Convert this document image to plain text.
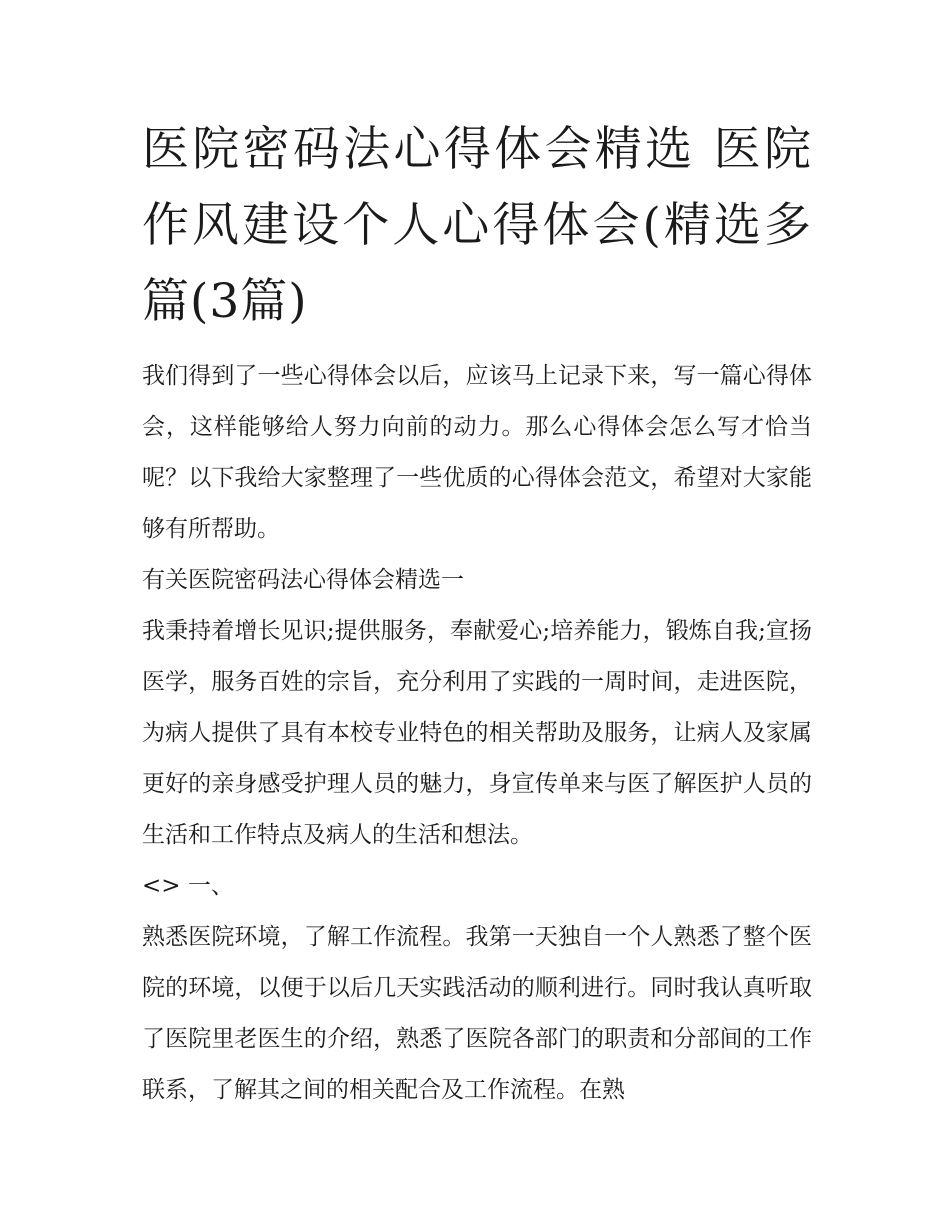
医院密码法心得体会精选 医院作风建设个人心得体会(精选多篇(3篇)

我们得到了一些心得体会以后，应该马上记录下来，写一篇心得体会，这样能够给人努力向前的动力。那么心得体会怎么写才恰当呢？以下我给大家整理了一些优质的心得体会范文，希望对大家能够有所帮助。

有关医院密码法心得体会精选一

我秉持着增长见识;提供服务，奉献爱心;培养能力，锻炼自我;宣扬医学，服务百姓的宗旨，充分利用了实践的一周时间，走进医院，为病人提供了具有本校专业特色的相关帮助及服务，让病人及家属更好的亲身感受护理人员的魅力，身宣传单来与医了解医护人员的生活和工作特点及病人的生活和想法。

<> 一、

熟悉医院环境，了解工作流程。我第一天独自一个人熟悉了整个医院的环境，以便于以后几天实践活动的顺利进行。同时我认真听取了医院里老医生的介绍，熟悉了医院各部门的职责和分部间的工作联系，了解其之间的相关配合及工作流程。在熟
